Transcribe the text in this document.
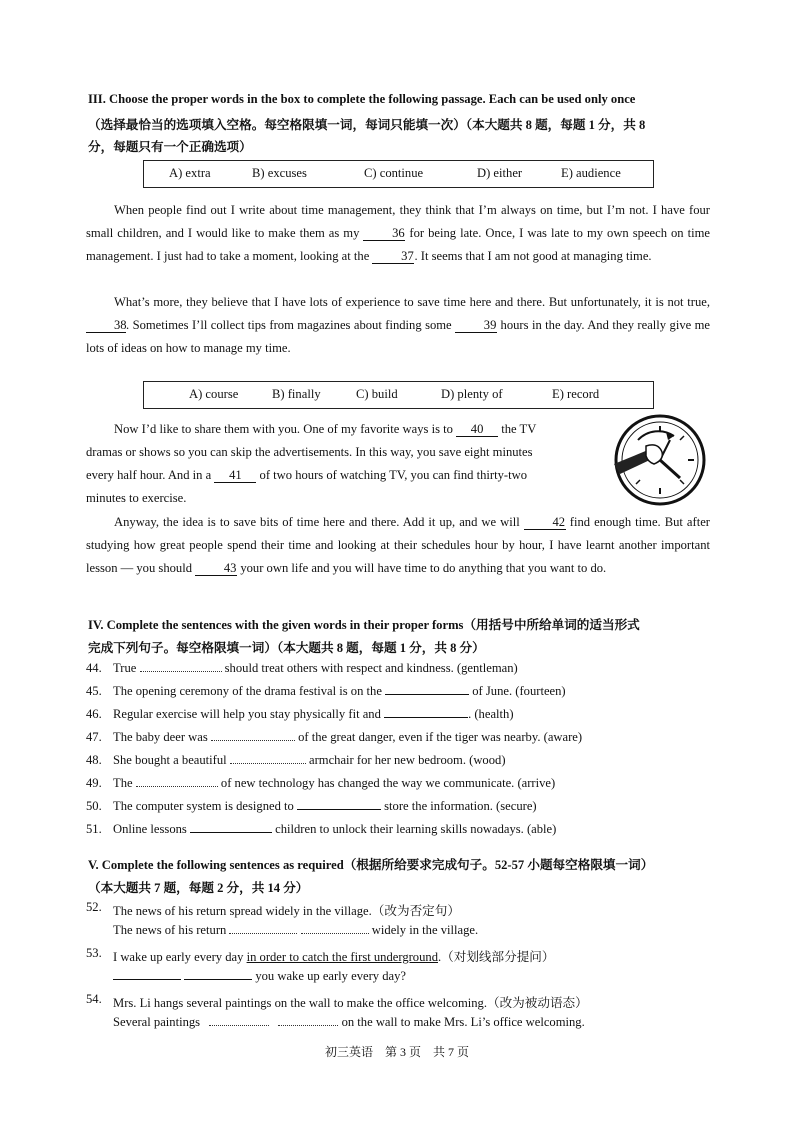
III. Choose the proper words in the box to complete the following passage. Each can be used only once
（选择最恰当的选项填入空格。每空格限填一词，每词只能填一次）（本大题共 8 题，每题 1 分，共 8
分，每题只有一个正确选项）
A) extra	B) excuses	C) continue	D) either	E) audience
When people find out I write about time management, they think that I’m always on time, but I’m not. I have four small children, and I would like to make them as my	36 for being late. Once, I was late to my own speech on time management. I just had to take a moment, looking at the	37. It seems that I am not good at managing time.
What’s more, they believe that I have lots of experience to save time here and there. But unfortunately, it is not true, 38. Sometimes I’ll collect tips from magazines about finding some	39 hours in the day. And they really give me lots of ideas on how to manage my time.
A) course	B) finally	C) build	D) plenty of	E) record
Now I’d like to share them with you. One of my favorite ways is to 40 the TV
dramas or shows so you can skip the advertisements. In this way, you save eight minutes
every half hour. And in a 41 of two hours of watching TV, you can find thirty-two
minutes to exercise.
Anyway, the idea is to save bits of time here and there. Add it up, and we will	42 find enough time. But after studying how great people spend their time and looking at their schedules hour by hour, I have learnt another important lesson — you should	43 your own life and you will have time to do anything that you want to do.
IV. Complete the sentences with the given words in their proper forms（用括号中所给单词的适当形式
完成下列句子。每空格限填一词）（本大题共 8 题，每题 1 分，共 8 分）
44. True	should treat others with respect and kindness. (gentleman)
45. The opening ceremony of the drama festival is on the	of June. (fourteen)
46. Regular exercise will help you stay physically fit and	. (health)
47. The baby deer was	of the great danger, even if the tiger was nearby. (aware)
48. She bought a beautiful	armchair for her new bedroom. (wood)
49. The	of new technology has changed the way we communicate. (arrive)
50. The computer system is designed to	store the information. (secure)
51. Online lessons	children to unlock their learning skills nowadays. (able)
V. Complete the following sentences as required（根据所给要求完成句子。52-57 小题每空格限填一词）
（本大题共 7 题，每题 2 分，共 14 分）
52. The news of his return spread widely in the village.（改为否定句）
The news of his return	widely in the village.
53. I wake up early every day in order to catch the first underground.（对划线部分提问）
you wake up early every day?
54. Mrs. Li hangs several paintings on the wall to make the office welcoming.（改为被动语态）
Several paintings	on the wall to make Mrs. Li’s office welcoming.
初三英语　第 3 页　共 7 页
